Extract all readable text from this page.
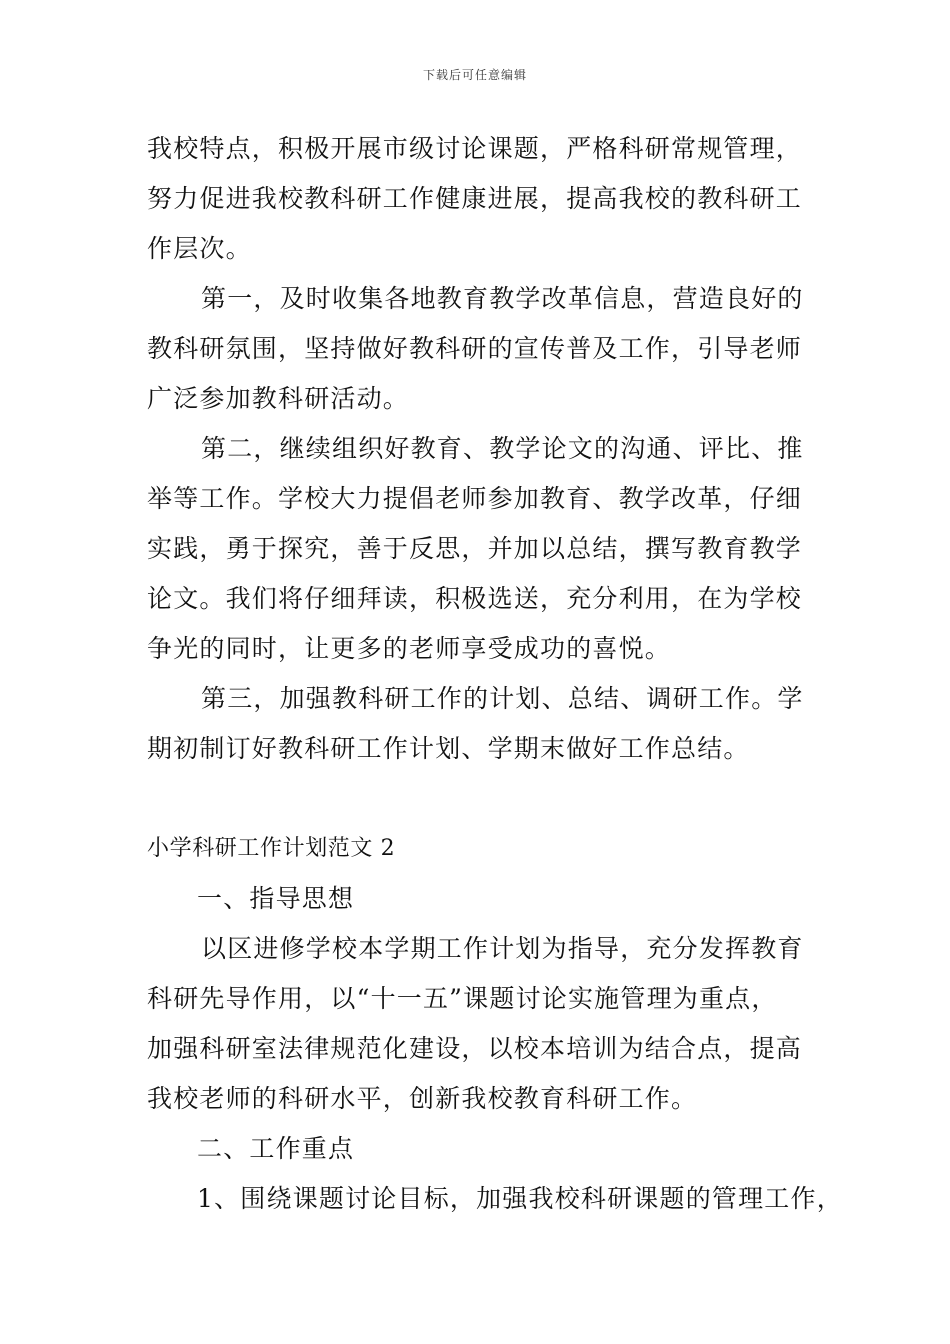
下载后可任意编辑
我校特点，积极开展市级讨论课题，严格科研常规管理，
努力促进我校教科研工作健康进展，提高我校的教科研工
作层次。
第一，及时收集各地教育教学改革信息，营造良好的
教科研氛围，坚持做好教科研的宣传普及工作，引导老师
广泛参加教科研活动。
第二，继续组织好教育、教学论文的沟通、评比、推
举等工作。学校大力提倡老师参加教育、教学改革，仔细
实践，勇于探究，善于反思，并加以总结，撰写教育教学
论文。我们将仔细拜读，积极选送，充分利用，在为学校
争光的同时，让更多的老师享受成功的喜悦。
第三，加强教科研工作的计划、总结、调研工作。学
期初制订好教科研工作计划、学期末做好工作总结。
小学科研工作计划范文 2
一、指导思想
以区进修学校本学期工作计划为指导，充分发挥教育
科研先导作用，以“十一五”课题讨论实施管理为重点，
加强科研室法律规范化建设，以校本培训为结合点，提高
我校老师的科研水平，创新我校教育科研工作。
二、工作重点
1、围绕课题讨论目标，加强我校科研课题的管理工作，
